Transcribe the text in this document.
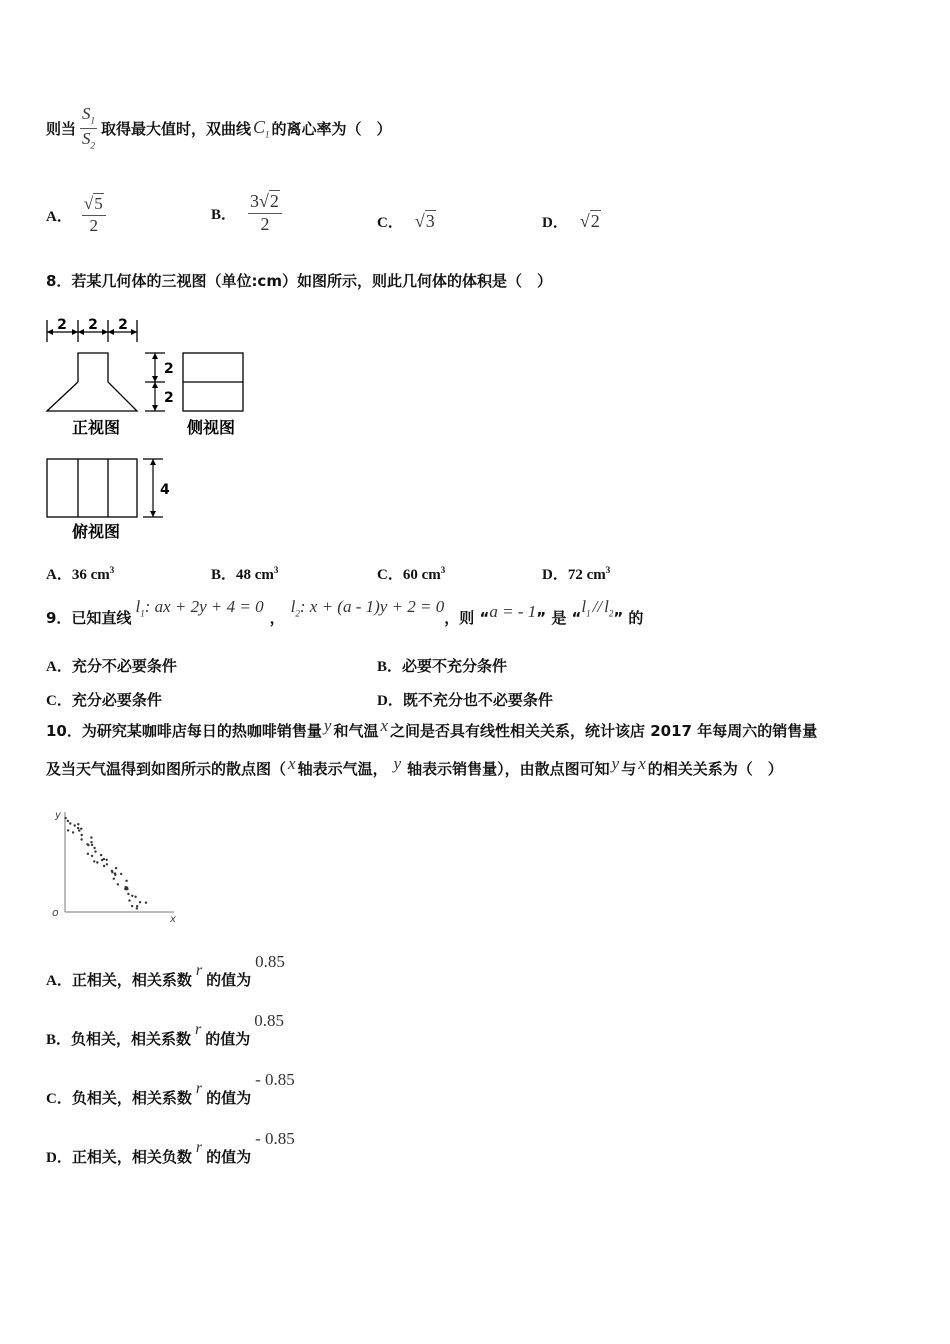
则当 $\frac{S_1}{S_2}$ 取得最大值时，双曲线 $C_1$ 的离心率为（　）
A． $\frac{√5}{2}$	B． $\frac{3√2}{2}$	C． √3	D． √2
8．若某几何体的三视图（单位:cm）如图所示，则此几何体的体积是（　）
2 2 2
2
2
正视图	侧视图
4
俯视图
A．36 $cm^3$	B．48 $cm^3$	C．60 $cm^3$	D．72 $cm^3$
9．已知直线
$l_1$: ax + 2y + 4 = 0
，
$l_2$: x + (a - 1)y + 2 = 0
，则 “ a = - 1 ” 是 “
$l_1 // l_2$ ” 的
A．充分不必要条件	B．必要不充分条件
C．充分必要条件	D．既不充分也不必要条件
10．为研究某咖啡店每日的热咖啡销售量 y 和气温 x 之间是否具有线性相关关系，统计该店 2017 年每周六的销售量
及当天气温得到如图所示的散点图（ x 轴表示气温， y 轴表示销售量），由散点图可知 y 与 x 的相关关系为（　）
y
x
o
A． 正相关，相关系数
r
的值为
0.85
B． 负相关，相关系数
r
的值为
0.85
C． 负相关，相关系数
r
的值为
- 0.85
D． 正相关，相关负数
r
的值为
- 0.85
